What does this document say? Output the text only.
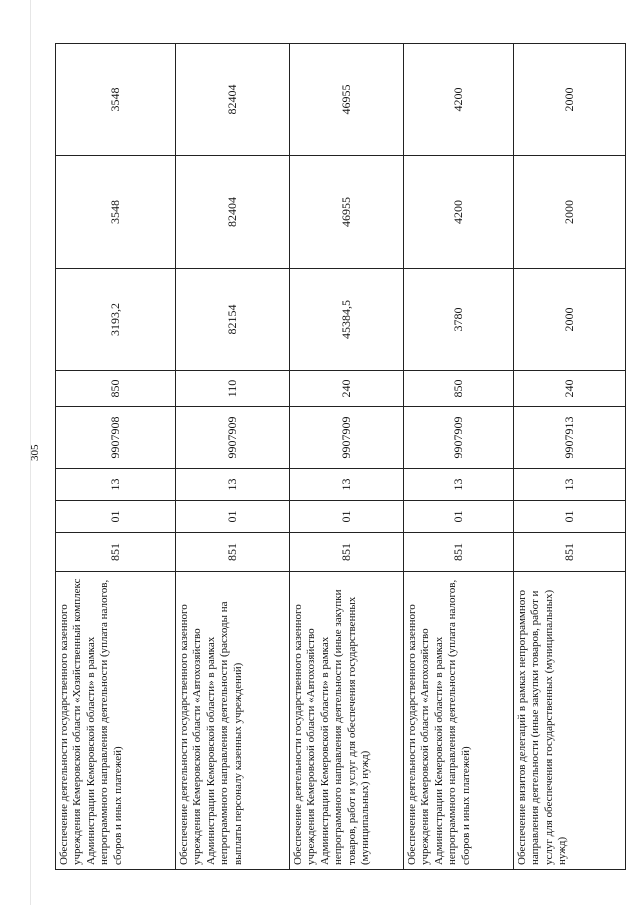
305
Обеспечение деятельности государственного казенного учреждения Кемеровской области «Хозяйственный комплекс Администрации Кемеровской области» в рамках непрограммного направления деятельности (уплата налогов, сборов и иных платежей)	851	01	13	9907908	850	3193,2	3548	3548
Обеспечение деятельности государственного казенного учреждения Кемеровской области «Автохозяйство Администрации Кемеровской области» в рамках непрограммного направления деятельности (расходы на выплаты персоналу казенных учреждений)	851	01	13	9907909	110	82154	82404	82404
Обеспечение деятельности государственного казенного учреждения Кемеровской области «Автохозяйство Администрации Кемеровской области» в рамках непрограммного направления деятельности (иные закупки товаров, работ и услуг для обеспечения государственных (муниципальных) нужд)	851	01	13	9907909	240	45384,5	46955	46955
Обеспечение деятельности государственного казенного учреждения Кемеровской области «Автохозяйство Администрации Кемеровской области» в рамках непрограммного направления деятельности (уплата налогов, сборов и иных платежей)	851	01	13	9907909	850	3780	4200	4200
Обеспечение визитов делегаций в рамках непрограммного направления деятельности (иные закупки товаров, работ и услуг для обеспечения государственных (муниципальных) нужд)	851	01	13	9907913	240	2000	2000	2000
